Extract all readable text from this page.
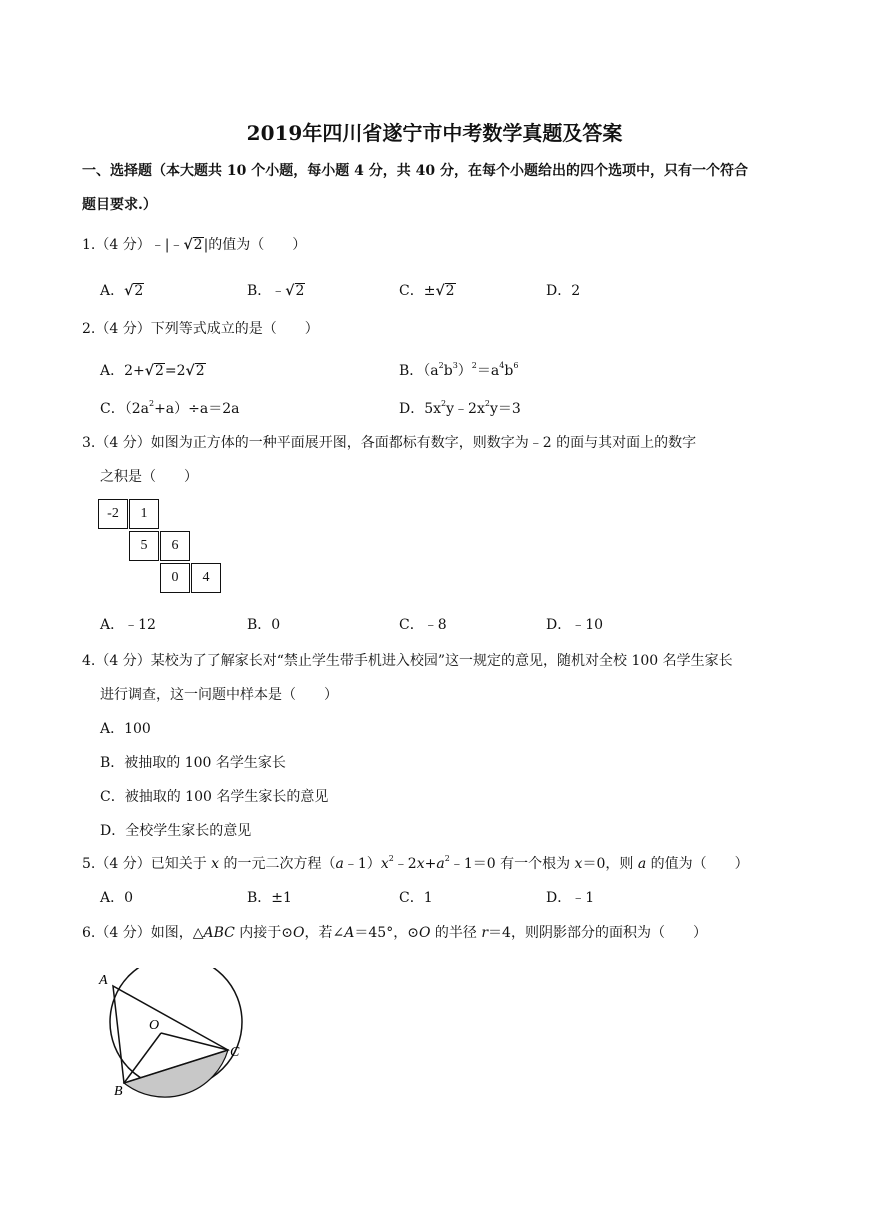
2019年四川省遂宁市中考数学真题及答案
一、选择题（本大题共 10 个小题，每小题 4 分，共 40 分，在每个小题给出的四个选项中，只有一个符合
题目要求.）
1.（4 分）﹣|﹣√2|的值为（　　）
A．√2	B．﹣√2	C．±√2	D．2
2.（4 分）下列等式成立的是（　　）
A．2+√2=2√2	B．$(a^2b^3)^2=a^4b^6$
C．$(2a^2+a)\div a=2a$	D．$5x^2y﹣2x^2y=3$
3.（4 分）如图为正方体的一种平面展开图，各面都标有数字，则数字为﹣2 的面与其对面上的数字
之积是（　　）
-2	1
5	6
0	4
A．﹣12	B．0	C．﹣8	D．﹣10
4.（4 分）某校为了了解家长对“禁止学生带手机进入校园”这一规定的意见，随机对全校 100 名学生家长
进行调查，这一问题中样本是（　　）
A．100
B．被抽取的 100 名学生家长
C．被抽取的 100 名学生家长的意见
D．全校学生家长的意见
5.（4 分）已知关于 x 的一元二次方程$(a﹣1)x^2﹣2x+a^2﹣1=0$ 有一个根为 x＝0，则 a 的值为（　　）
A．0	B．±1	C．1	D．﹣1
6.（4 分）如图，△ABC 内接于⊙O，若∠A＝45°，⊙O 的半径 r＝4，则阴影部分的面积为（　　）
A
O
B
C
